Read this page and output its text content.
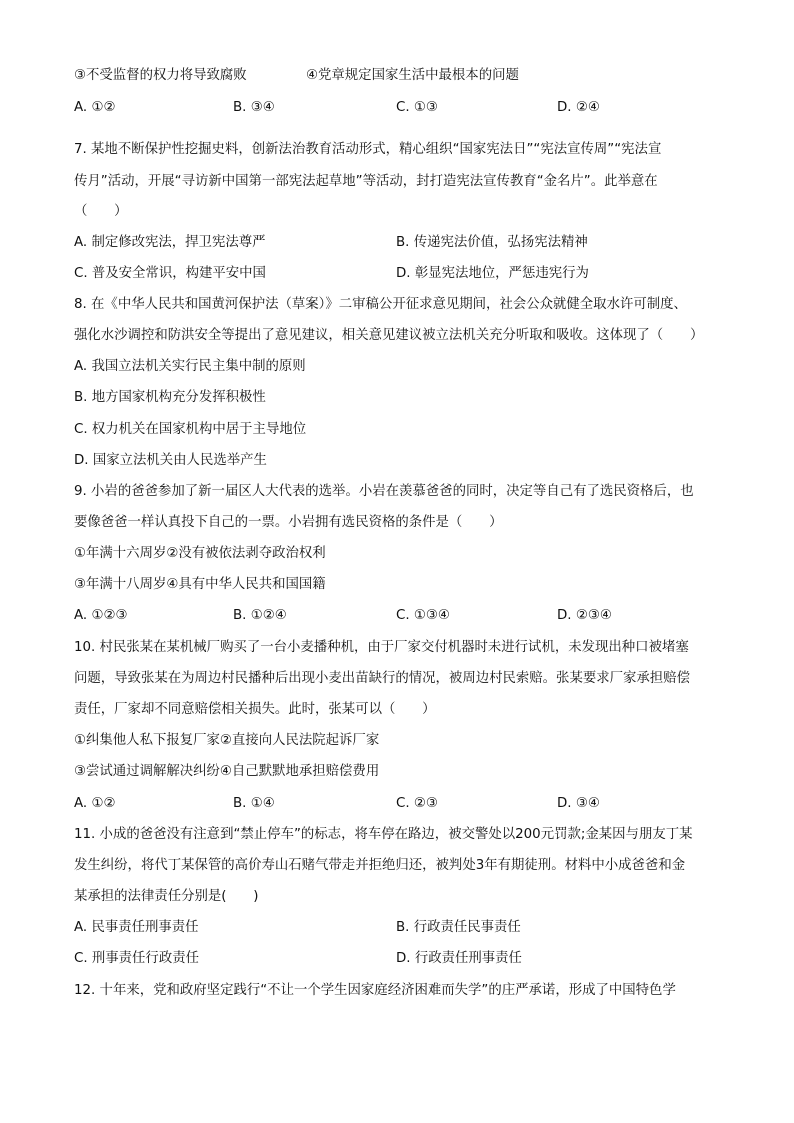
③不受监督的权力将导致腐败	④党章规定国家生活中最根本的问题
A. ①②	B. ③④	C. ①③	D. ②④
7. 某地不断保护性挖掘史料，创新法治教育活动形式，精心组织“国家宪法日”“宪法宣传周”“宪法宣
传月”活动，开展“寻访新中国第一部宪法起草地”等活动，封打造宪法宣传教育“金名片”。此举意在
（　　）
A. 制定修改宪法，捍卫宪法尊严	B. 传递宪法价值，弘扬宪法精神
C. 普及安全常识，构建平安中国	D. 彰显宪法地位，严惩违宪行为
8. 在《中华人民共和国黄河保护法（草案）》二审稿公开征求意见期间，社会公众就健全取水许可制度、
强化水沙调控和防洪安全等提出了意见建议，相关意见建议被立法机关充分听取和吸收。这体现了（　　）
A. 我国立法机关实行民主集中制的原则
B. 地方国家机构充分发挥积极性
C. 权力机关在国家机构中居于主导地位
D. 国家立法机关由人民选举产生
9. 小岩的爸爸参加了新一届区人大代表的选举。小岩在羡慕爸爸的同时，决定等自己有了选民资格后，也
要像爸爸一样认真投下自己的一票。小岩拥有选民资格的条件是（　　）
①年满十六周岁②没有被依法剥夺政治权利
③年满十八周岁④具有中华人民共和国国籍
A. ①②③	B. ①②④	C. ①③④	D. ②③④
10. 村民张某在某机械厂购买了一台小麦播种机，由于厂家交付机器时未进行试机，未发现出种口被堵塞
问题，导致张某在为周边村民播种后出现小麦出苗缺行的情况，被周边村民索赔。张某要求厂家承担赔偿
责任，厂家却不同意赔偿相关损失。此时，张某可以（　　）
①纠集他人私下报复厂家②直接向人民法院起诉厂家
③尝试通过调解解决纠纷④自己默默地承担赔偿费用
A. ①②	B. ①④	C. ②③	D. ③④
11. 小成的爸爸没有注意到“禁止停车”的标志，将车停在路边，被交警处以200元罚款;金某因与朋友丁某
发生纠纷，将代丁某保管的高价寿山石赌气带走并拒绝归还，被判处3年有期徒刑。材料中小成爸爸和金
某承担的法律责任分别是(　　)
A. 民事责任刑事责任	B. 行政责任民事责任
C. 刑事责任行政责任	D. 行政责任刑事责任
12. 十年来，党和政府坚定践行“不让一个学生因家庭经济困难而失学”的庄严承诺，形成了中国特色学
